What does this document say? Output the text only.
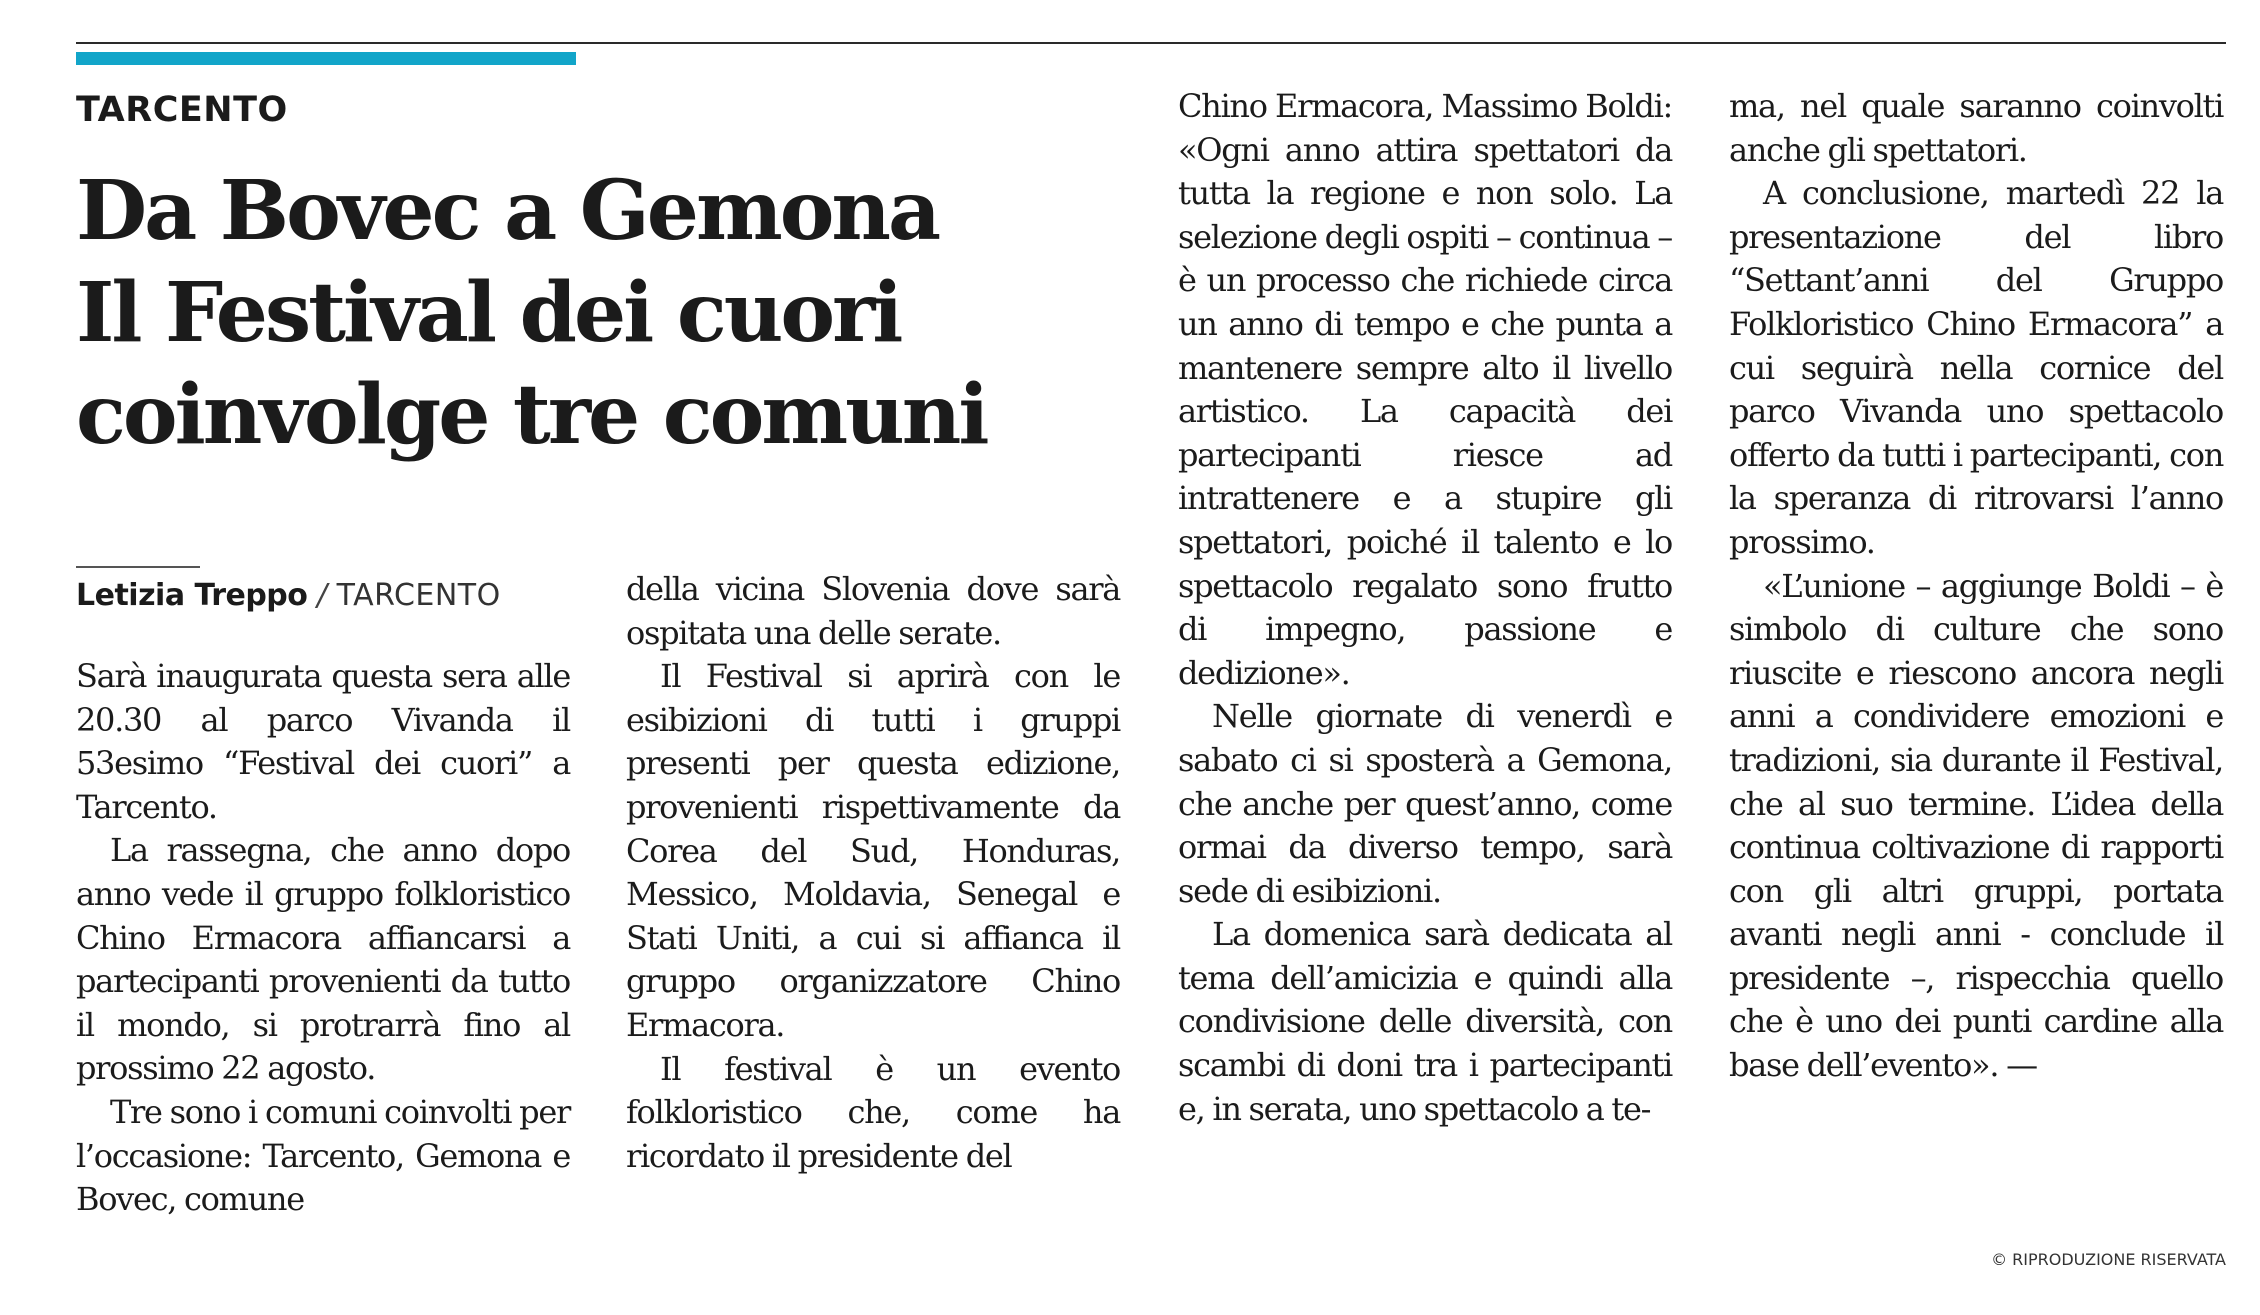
TARCENTO
Da Bovec a Gemona
Il Festival dei cuori
coinvolge tre comuni
Letizia Treppo / TARCENTO

Sarà inaugurata questa sera alle 20.30 al parco Vivanda il 53esimo “Festival dei cuori” a Tarcento.

La rassegna, che anno dopo anno vede il gruppo folkloristico Chino Ermacora affiancarsi a partecipanti provenienti da tutto il mondo, si protrarrà fino al prossimo 22 agosto.

Tre sono i comuni coinvolti per l’occasione: Tarcento, Gemona e Bovec, comune

della vicina Slovenia dove sarà ospitata una delle serate.

Il Festival si aprirà con le esibizioni di tutti i gruppi presenti per questa edizione, provenienti rispettivamente da Corea del Sud, Honduras, Messico, Moldavia, Senegal e Stati Uniti, a cui si affianca il gruppo organizzatore Chino Ermacora.

Il festival è un evento folkloristico che, come ha ricordato il presidente del

Chino Ermacora, Massimo Boldi: «Ogni anno attira spettatori da tutta la regione e non solo. La selezione degli ospiti – continua – è un processo che richiede circa un anno di tempo e che punta a mantenere sempre alto il livello artistico. La capacità dei partecipanti riesce ad intrattenere e a stupire gli spettatori, poiché il talento e lo spettacolo regalato sono frutto di impegno, passione e dedizione».

Nelle giornate di venerdì e sabato ci si sposterà a Gemona, che anche per quest’anno, come ormai da diverso tempo, sarà sede di esibizioni.

La domenica sarà dedicata al tema dell’amicizia e quindi alla condivisione delle diversità, con scambi di doni tra i partecipanti e, in serata, uno spettacolo a te-

ma, nel quale saranno coinvolti anche gli spettatori.

A conclusione, martedì 22 la presentazione del libro “Settant’anni del Gruppo Folkloristico Chino Ermacora” a cui seguirà nella cornice del parco Vivanda uno spettacolo offerto da tutti i partecipanti, con la speranza di ritrovarsi l’anno prossimo.

«L’unione – aggiunge Boldi – è simbolo di culture che sono riuscite e riescono ancora negli anni a condividere emozioni e tradizioni, sia durante il Festival, che al suo termine. L’idea della continua coltivazione di rapporti con gli altri gruppi, portata avanti negli anni - conclude il presidente –, rispecchia quello che è uno dei punti cardine alla base dell’evento». —

© RIPRODUZIONE RISERVATA
